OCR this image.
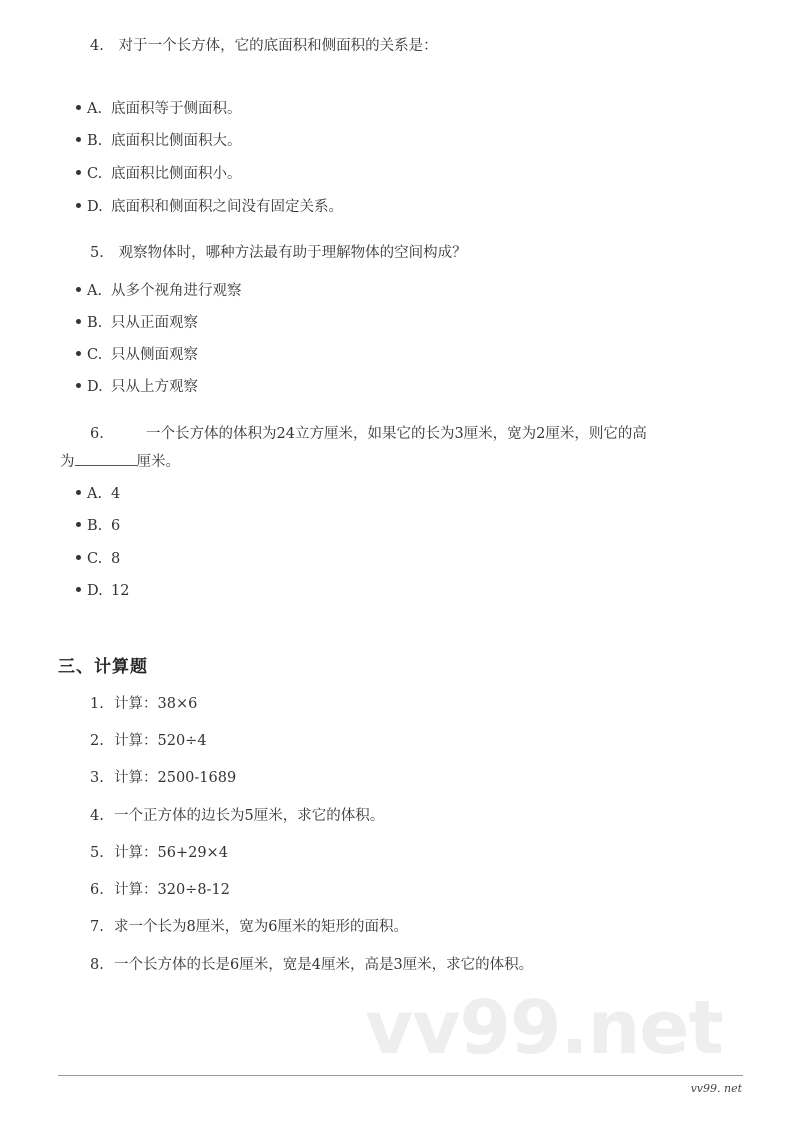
4. 对于一个长方体，它的底面积和侧面积的关系是：
A. 底面积等于侧面积。
B. 底面积比侧面积大。
C. 底面积比侧面积小。
D. 底面积和侧面积之间没有固定关系。
5. 观察物体时，哪种方法最有助于理解物体的空间构成？
A. 从多个视角进行观察
B. 只从正面观察
C. 只从侧面观察
D. 只从上方观察
6.	一个长方体的体积为24立方厘米，如果它的长为3厘米，宽为2厘米，则它的高
为	厘米。
A. 4
B. 6
C. 8
D. 12
三、计算题
1. 计算：38×6
2. 计算：520÷4
3. 计算：2500-1689
4. 一个正方体的边长为5厘米，求它的体积。
5. 计算：56+29×4
6. 计算：320÷8-12
7. 求一个长为8厘米，宽为6厘米的矩形的面积。
8. 一个长方体的长是6厘米，宽是4厘米，高是3厘米，求它的体积。
vv99.net
vv99. net
